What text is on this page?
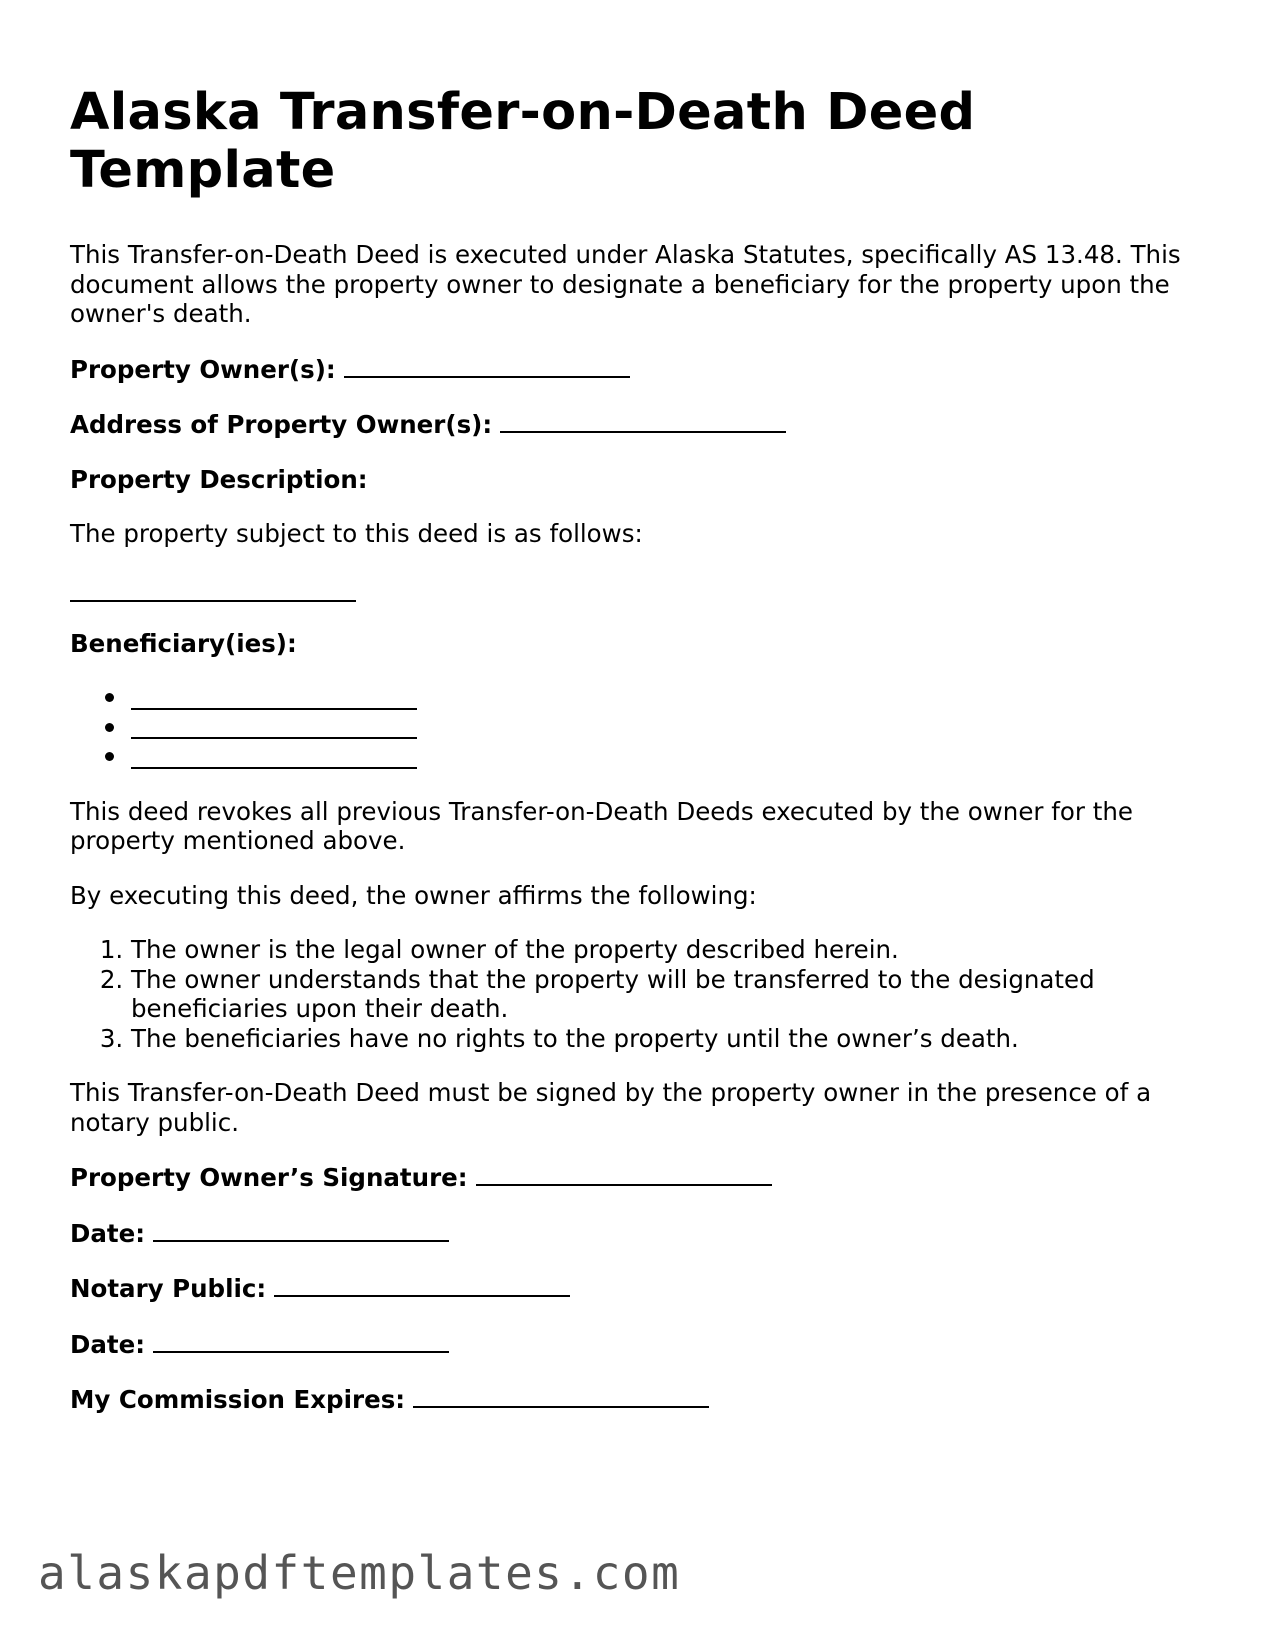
Alaska Transfer-on-Death Deed Template

This Transfer-on-Death Deed is executed under Alaska Statutes, specifically AS 13.48. This document allows the property owner to designate a beneficiary for the property upon the owner's death.

Property Owner(s):
Address of Property Owner(s):
Property Description:

The property subject to this deed is as follows:

Beneficiary(ies):

This deed revokes all previous Transfer-on-Death Deeds executed by the owner for the property mentioned above.

By executing this deed, the owner affirms the following:

1. The owner is the legal owner of the property described herein.
2. The owner understands that the property will be transferred to the designated beneficiaries upon their death.
3. The beneficiaries have no rights to the property until the owner’s death.

This Transfer-on-Death Deed must be signed by the property owner in the presence of a notary public.

Property Owner’s Signature:
Date:
Notary Public:
Date:
My Commission Expires:
alaskapdftemplates.com
